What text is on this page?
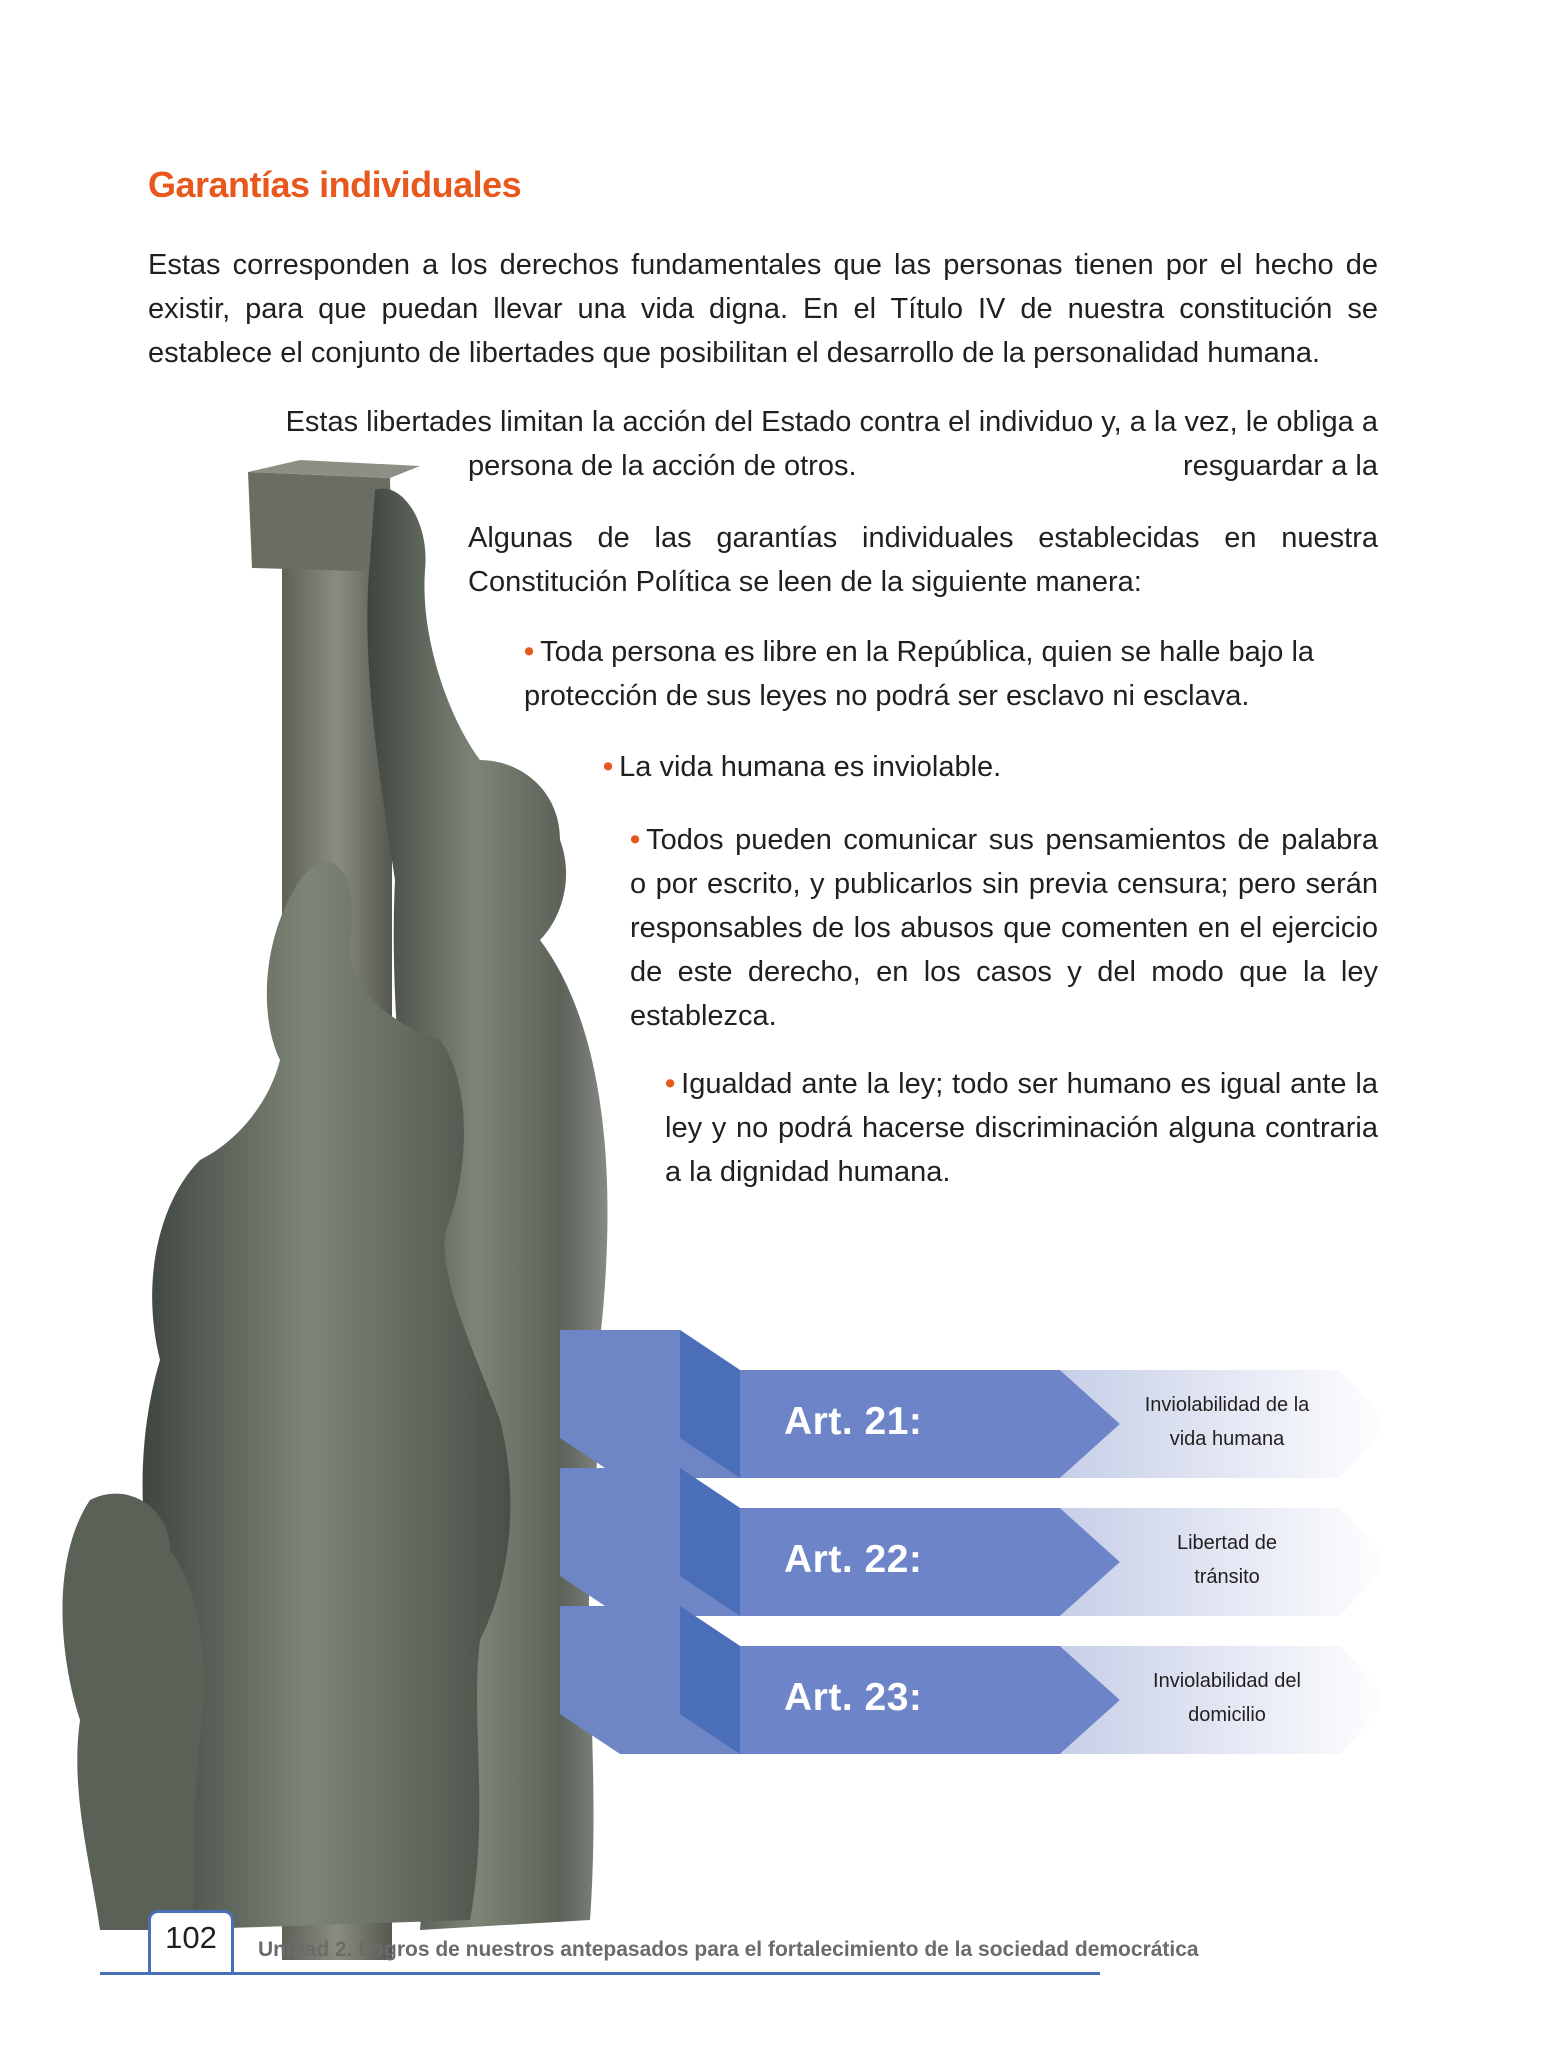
Garantías individuales

Estas corresponden a los derechos fundamentales que las personas tienen por el hecho de existir, para que puedan llevar una vida digna. En el Título IV de nuestra constitución se establece el conjunto de libertades que posibilitan el desarrollo de la personalidad humana.

Estas libertades limitan la acción del Estado contra el individuo y, a la vez, le obliga a resguardar a la

persona de la acción de otros.

Algunas de las garantías individuales establecidas en nuestra Constitución Política se leen de la siguiente manera:

• Toda persona es libre en la República, quien se halle bajo la protección de sus leyes no podrá ser esclavo ni esclava.

• La vida humana es inviolable.

• Todos pueden comunicar sus pensamientos de palabra o por escrito, y publicarlos sin previa censura; pero serán responsables de los abusos que comenten en el ejercicio de este derecho, en los casos y del modo que la ley establezca.

• Igualdad ante la ley; todo ser humano es igual ante la ley y no podrá hacerse discriminación alguna contraria a la dignidad humana.

Art. 21:	Inviolabilidad de la
vida humana
Art. 22:	Libertad de
tránsito
Art. 23:	Inviolabilidad del
domicilio
102	Unidad 2. Logros de nuestros antepasados para el fortalecimiento de la sociedad democrática
